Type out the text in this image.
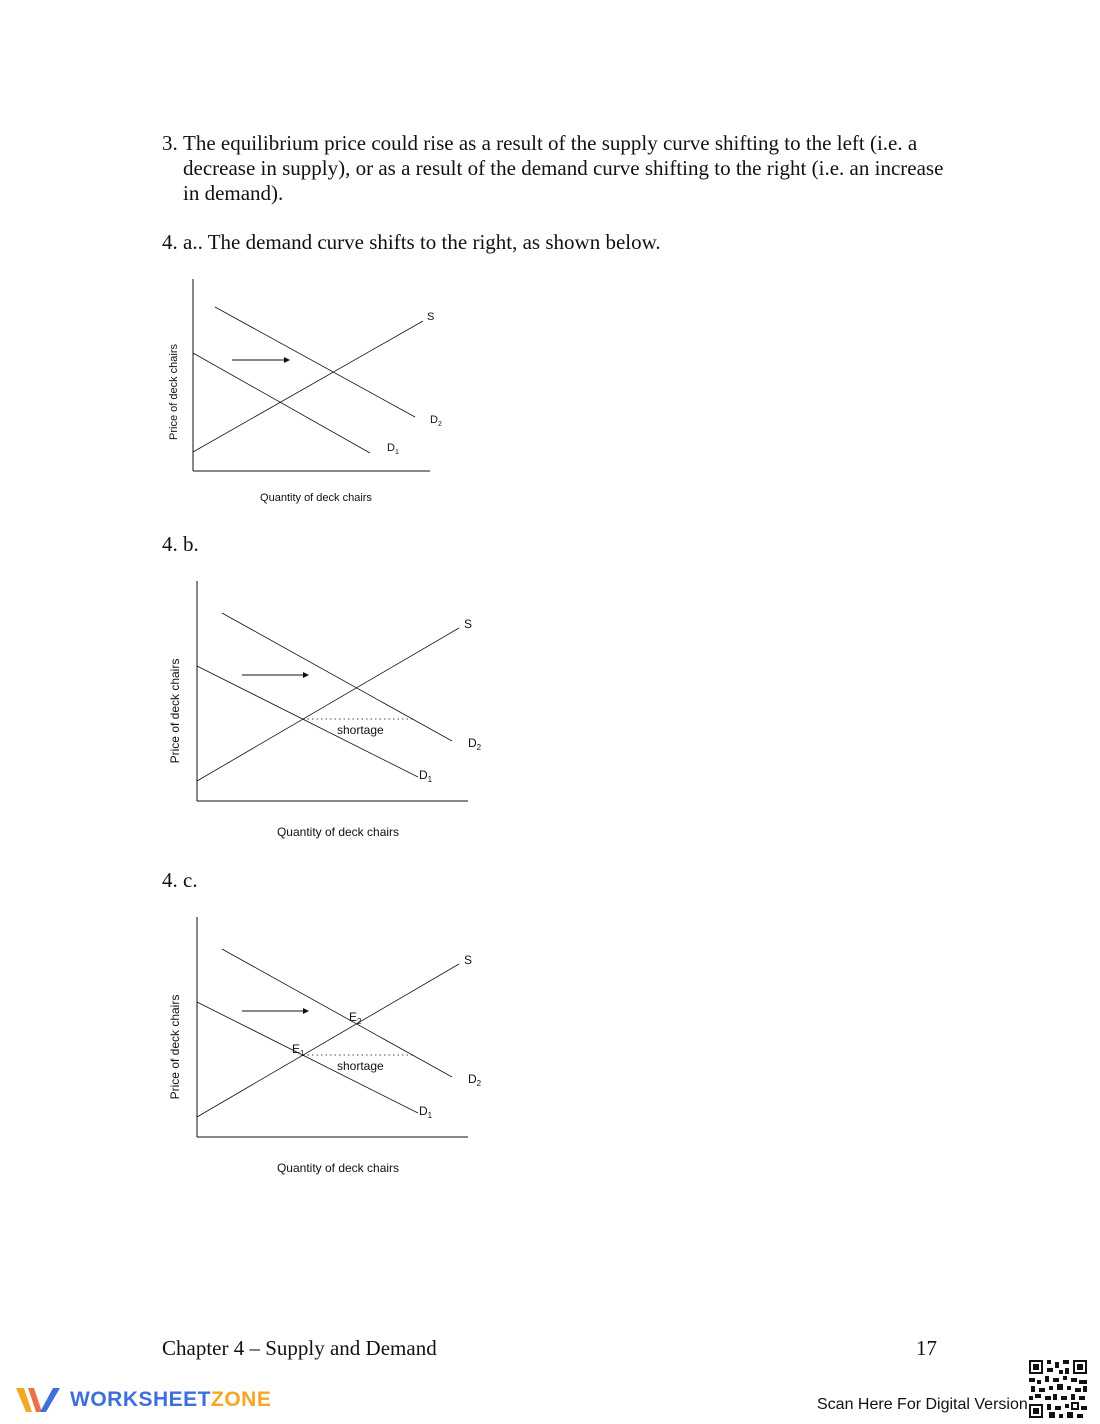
3. The equilibrium price could rise as a result of the supply curve shifting to the left (i.e. a decrease in supply), or as a result of the demand curve shifting to the right (i.e. an increase in demand).
4. a.. The demand curve shifts to the right, as shown below.
4. b.
4. c.
S
$D_2$
$D_1$
Quantity of deck chairs
Price of deck chairs
S
$D_2$
$D_1$
shortage
Quantity of deck chairs
Price of deck chairs
S
$D_2$
$D_1$
$E_2$
$E_1$
shortage
Quantity of deck chairs
Price of deck chairs
Chapter 4 – Supply and Demand	17
WORKSHEETZONE	Scan Here For Digital Version
